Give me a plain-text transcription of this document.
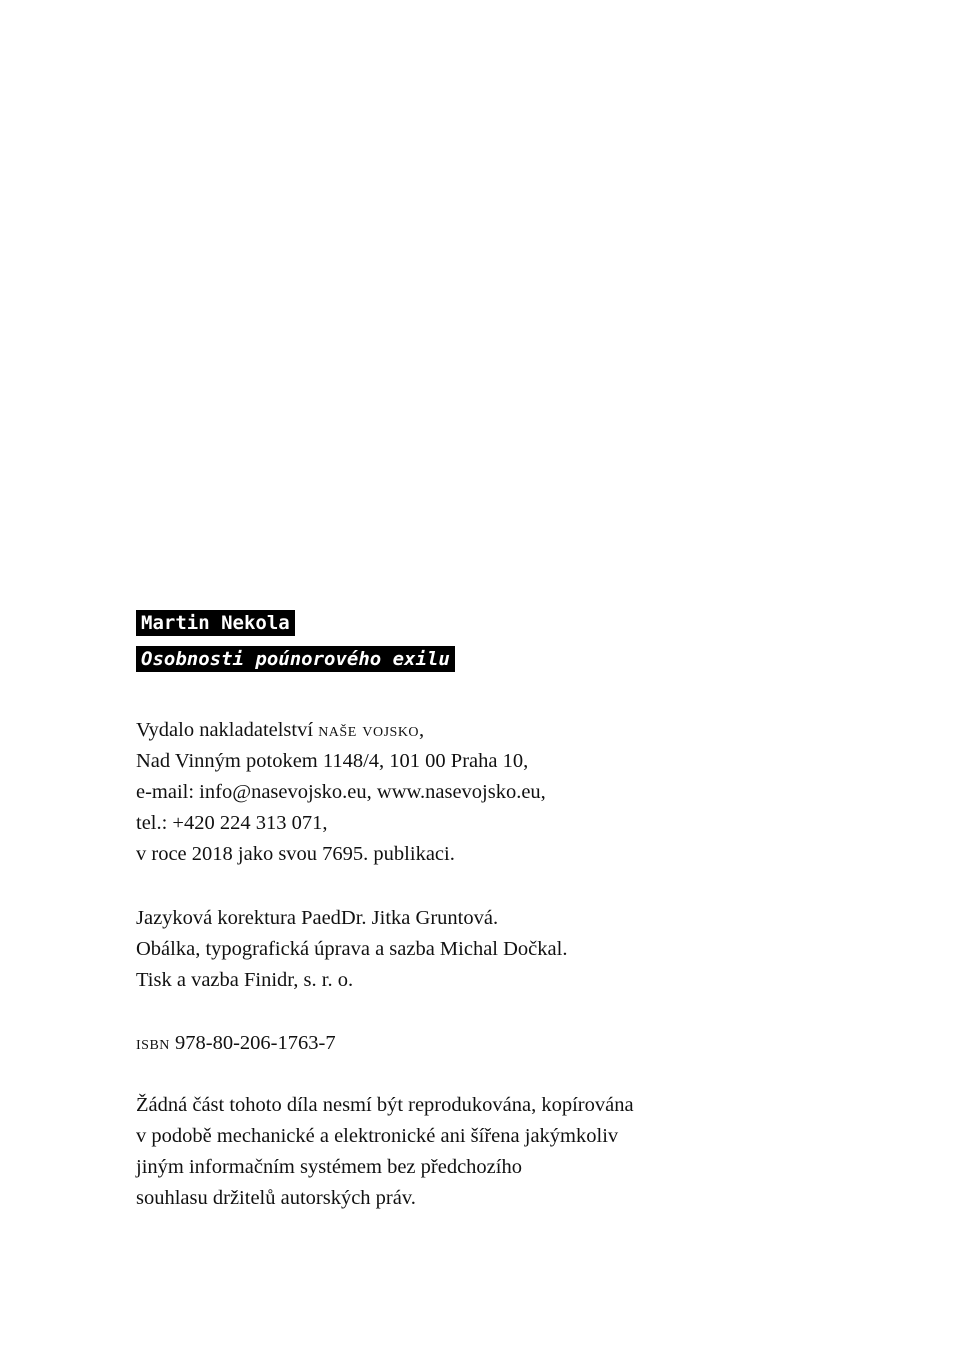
Martin Nekola
Osobnosti poúnorového exilu
Vydalo nakladatelství naše vojsko,
Nad Vinným potokem 1148/4, 101 00 Praha 10,
e-mail: info@nasevojsko.eu, www.nasevojsko.eu,
tel.: +420 224 313 071,
v roce 2018 jako svou 7695. publikaci.
Jazyková korektura PaedDr. Jitka Gruntová.
Obálka, typografická úprava a sazba Michal Dočkal.
Tisk a vazba Finidr, s. r. o.
isbn 978-80-206-1763-7
Žádná část tohoto díla nesmí být reprodukována, kopírována
v podobě mechanické a elektronické ani šířena jakýmkoliv
jiným informačním systémem bez předchozího
souhlasu držitelů autorských práv.
